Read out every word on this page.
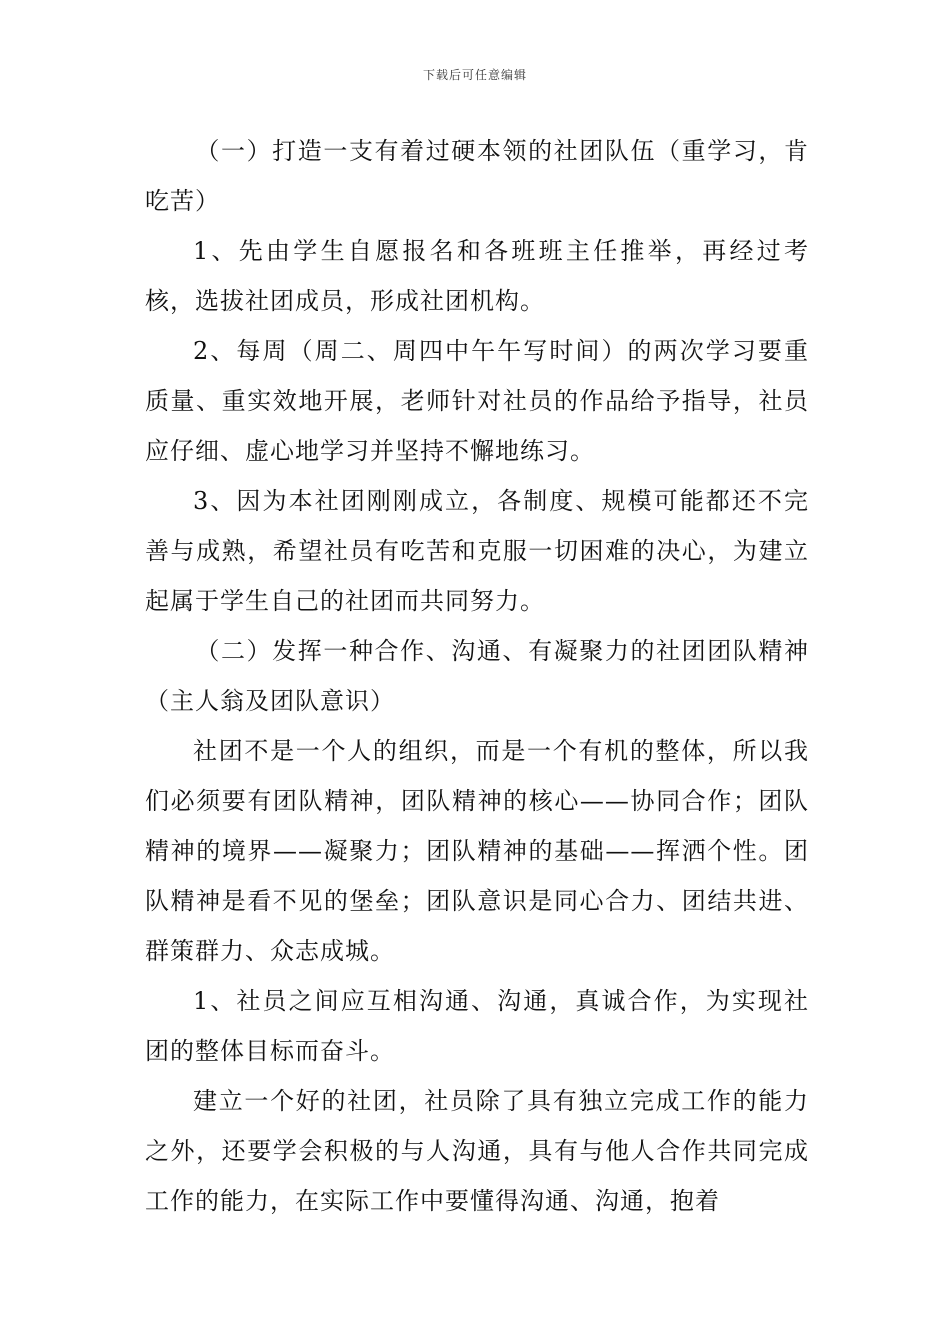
下载后可任意编辑

（一）打造一支有着过硬本领的社团队伍（重学习，肯吃苦）

1、先由学生自愿报名和各班班主任推举，再经过考核，选拔社团成员，形成社团机构。

2、每周（周二、周四中午午写时间）的两次学习要重质量、重实效地开展，老师针对社员的作品给予指导，社员应仔细、虚心地学习并坚持不懈地练习。

3、因为本社团刚刚成立，各制度、规模可能都还不完善与成熟，希望社员有吃苦和克服一切困难的决心，为建立起属于学生自己的社团而共同努力。

（二）发挥一种合作、沟通、有凝聚力的社团团队精神（主人翁及团队意识）

社团不是一个人的组织，而是一个有机的整体，所以我们必须要有团队精神，团队精神的核心——协同合作；团队精神的境界——凝聚力；团队精神的基础——挥洒个性。团队精神是看不见的堡垒；团队意识是同心合力、团结共进、群策群力、众志成城。

1、社员之间应互相沟通、沟通，真诚合作，为实现社团的整体目标而奋斗。

建立一个好的社团，社员除了具有独立完成工作的能力之外，还要学会积极的与人沟通，具有与他人合作共同完成工作的能力，在实际工作中要懂得沟通、沟通，抱着
